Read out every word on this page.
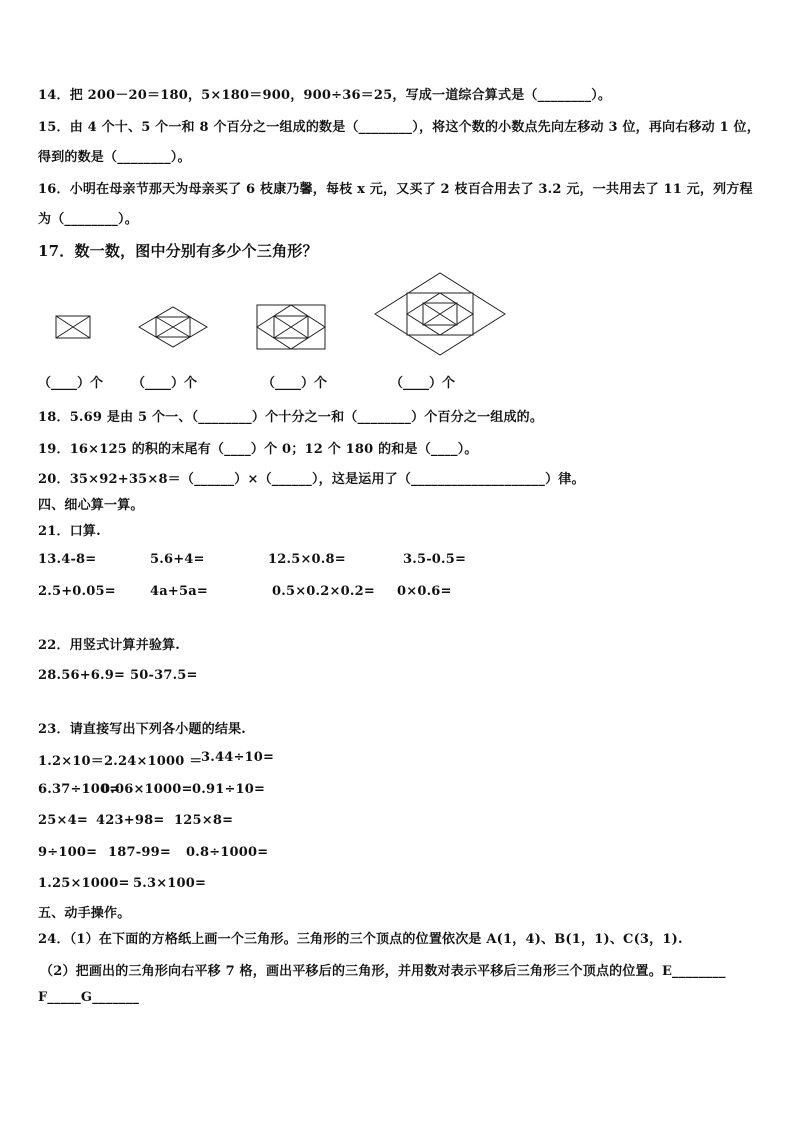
14．把 200－20＝180，5×180＝900，900÷36＝25，写成一道综合算式是（________）。
15．由 4 个十、5 个一和 8 个百分之一组成的数是（________），将这个数的小数点先向左移动 3 位，再向右移动 1 位，
得到的数是（________）。
16．小明在母亲节那天为母亲买了 6 枝康乃馨，每枝 x 元，又买了 2 枝百合用去了 3.2 元，一共用去了 11 元，列方程
为（________）。
17．数一数，图中分别有多少个三角形？
（____）个 （____）个	（____）个	（____）个
18．5.69 是由 5 个一、（________）个十分之一和（________）个百分之一组成的。
19．16×125 的积的末尾有（____）个 0；12 个 180 的和是（____）。
20．35×92+35×8＝（______）×（______），这是运用了（____________________）律。
四、细心算一算。
21．口算.
13.4-8=	5.6+4=	12.5×0.8=	3.5-0.5=
2.5+0.05=	4a+5a=	0.5×0.2×0.2= 0×0.6=
22．用竖式计算并验算.
28.56+6.9= 50-37.5=
23．请直接写出下列各小题的结果.
1.2×10＝ 2.24×1000 ＝
3.44÷10=
6.37÷100=
0.06×1000= 0.91÷10=
25×4= 423+98= 125×8=
9÷100= 187-99= 0.8÷1000=
1.25×1000= 5.3×100=
五、动手操作。
24．（1）在下面的方格纸上画一个三角形。三角形的三个顶点的位置依次是 A(1，4)、B(1，1)、C(3，1).
（2）把画出的三角形向右平移 7 格，画出平移后的三角形，并用数对表示平移后三角形三个顶点的位置。E________
F_____G_______
